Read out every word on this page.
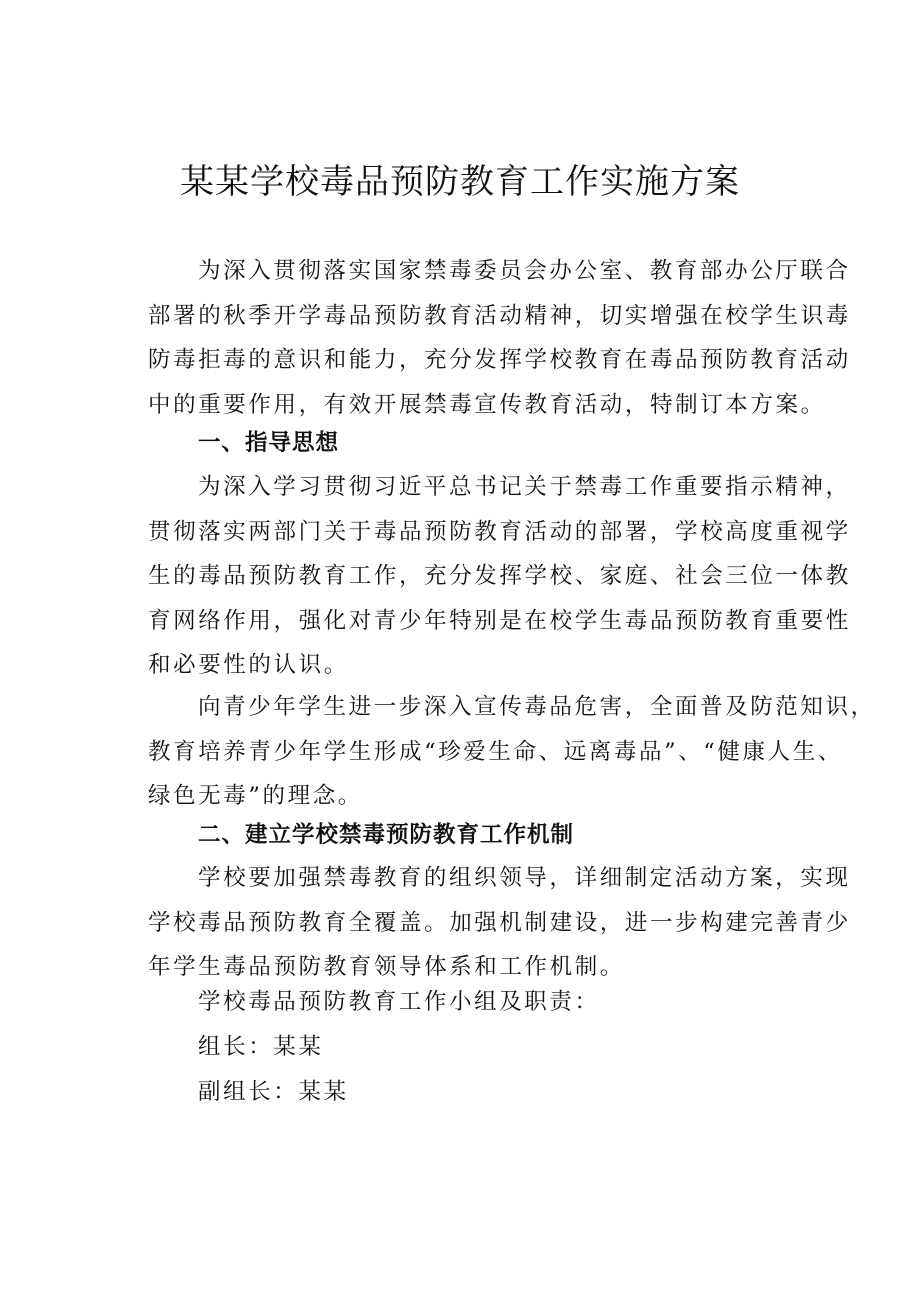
某某学校毒品预防教育工作实施方案
为深入贯彻落实国家禁毒委员会办公室、教育部办公厅联合
部署的秋季开学毒品预防教育活动精神，切实增强在校学生识毒
防毒拒毒的意识和能力，充分发挥学校教育在毒品预防教育活动
中的重要作用，有效开展禁毒宣传教育活动，特制订本方案。
一、指导思想
为深入学习贯彻习近平总书记关于禁毒工作重要指示精神，
贯彻落实两部门关于毒品预防教育活动的部署，学校高度重视学
生的毒品预防教育工作，充分发挥学校、家庭、社会三位一体教
育网络作用，强化对青少年特别是在校学生毒品预防教育重要性
和必要性的认识。
向青少年学生进一步深入宣传毒品危害，全面普及防范知识，
教育培养青少年学生形成“珍爱生命、远离毒品”、“健康人生、
绿色无毒”的理念。
二、建立学校禁毒预防教育工作机制
学校要加强禁毒教育的组织领导，详细制定活动方案，实现
学校毒品预防教育全覆盖。加强机制建设，进一步构建完善青少
年学生毒品预防教育领导体系和工作机制。
学校毒品预防教育工作小组及职责：
组长：某某
副组长：某某
